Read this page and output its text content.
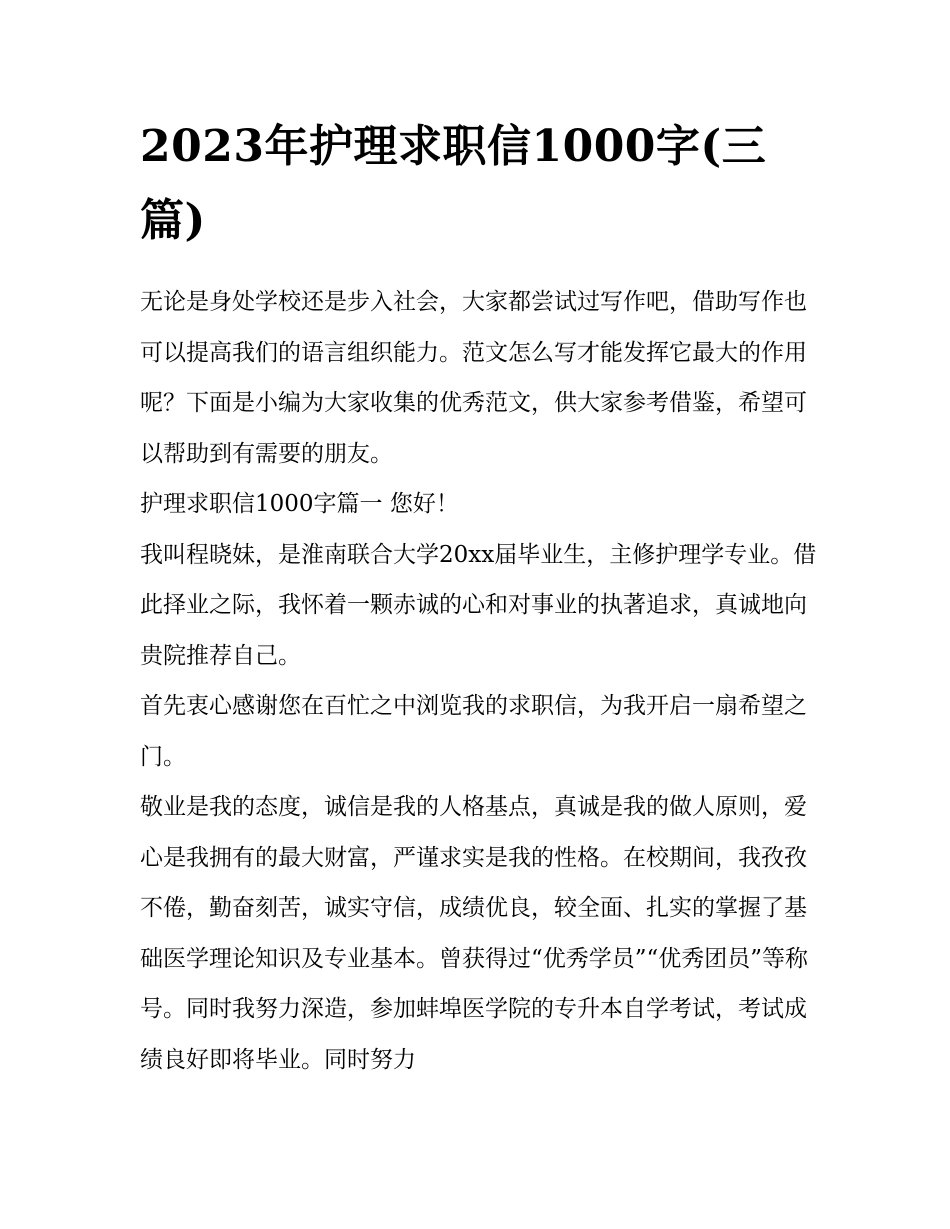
2023年护理求职信1000字(三篇)

无论是身处学校还是步入社会，大家都尝试过写作吧，借助写作也可以提高我们的语言组织能力。范文怎么写才能发挥它最大的作用呢？下面是小编为大家收集的优秀范文，供大家参考借鉴，希望可以帮助到有需要的朋友。

护理求职信1000字篇一 您好！

我叫程晓妹，是淮南联合大学20xx届毕业生，主修护理学专业。借此择业之际，我怀着一颗赤诚的心和对事业的执著追求，真诚地向贵院推荐自己。

首先衷心感谢您在百忙之中浏览我的求职信，为我开启一扇希望之门。

敬业是我的态度，诚信是我的人格基点，真诚是我的做人原则，爱心是我拥有的最大财富，严谨求实是我的性格。在校期间，我孜孜不倦，勤奋刻苦，诚实守信，成绩优良，较全面、扎实的掌握了基础医学理论知识及专业基本。曾获得过“优秀学员”“优秀团员”等称号。同时我努力深造，参加蚌埠医学院的专升本自学考试，考试成绩良好即将毕业。同时努力
